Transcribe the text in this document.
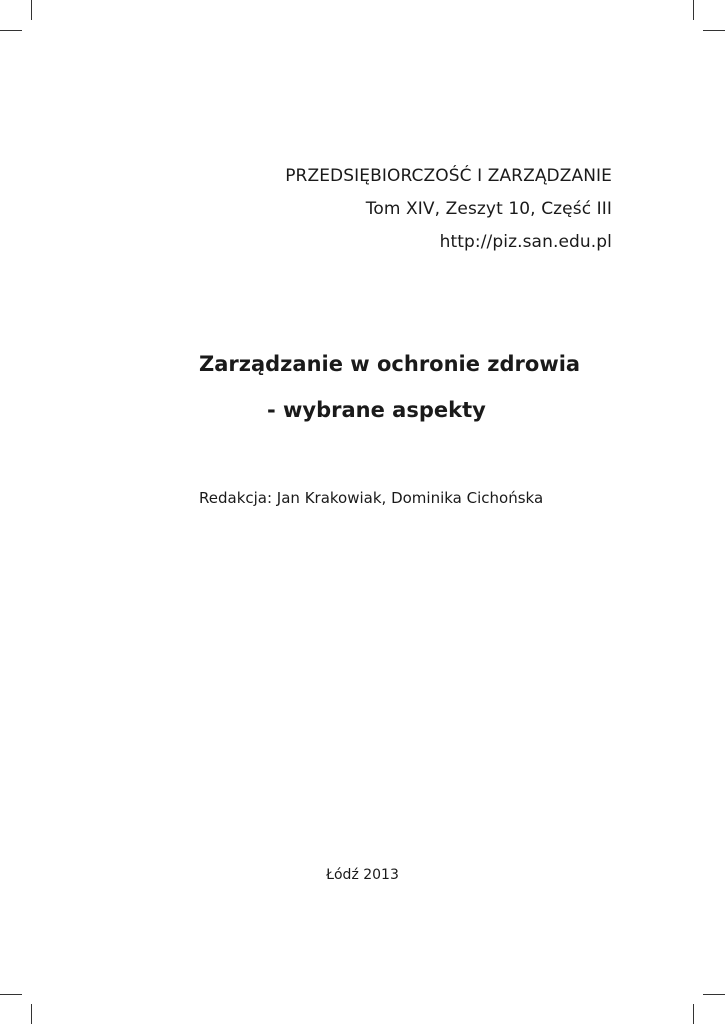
PRZEDSIĘBIORCZOŚĆ I ZARZĄDZANIE
Tom XIV, Zeszyt 10, Część III
http://piz.san.edu.pl
Zarządzanie w ochronie zdrowia
- wybrane aspekty
Redakcja: Jan Krakowiak, Dominika Cichońska
Łódź 2013
